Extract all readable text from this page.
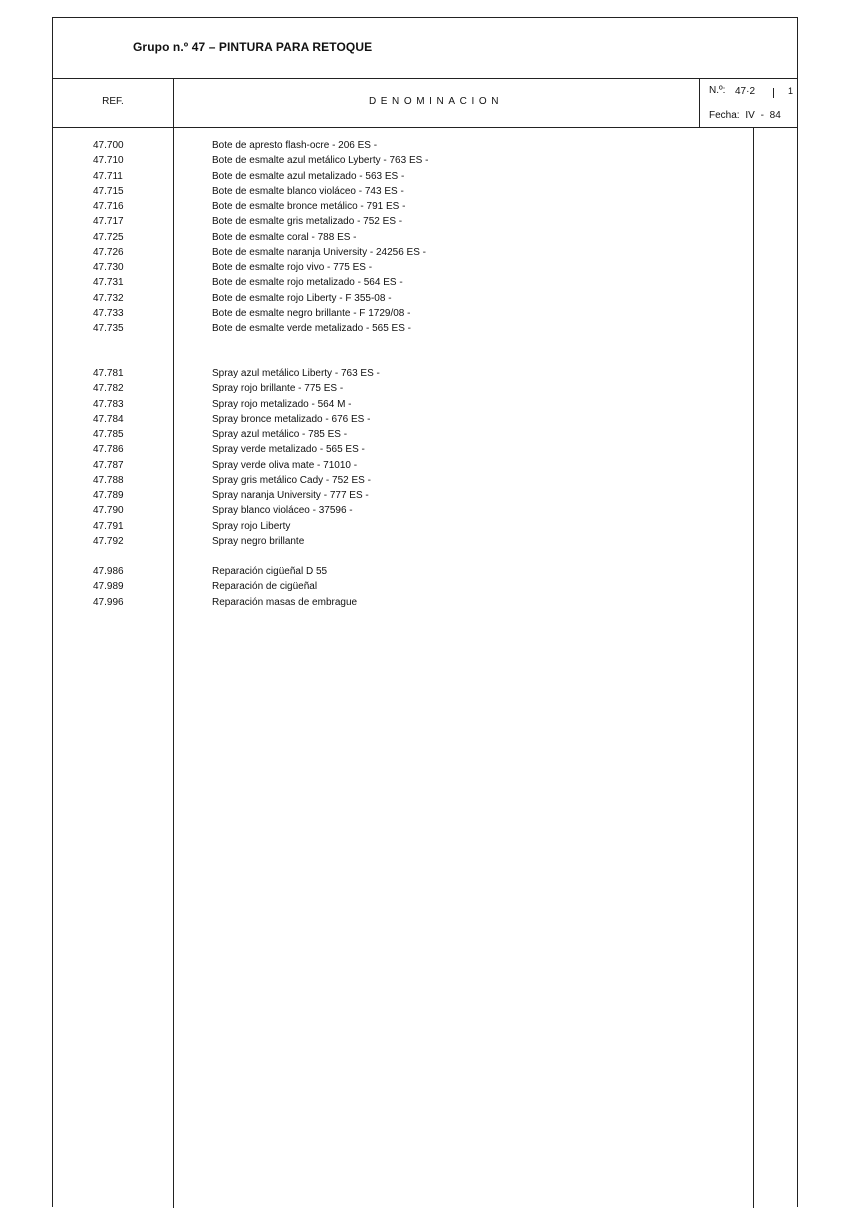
Grupo n.º 47 – PINTURA PARA RETOQUE
REF.	DENOMINACION
N.º: 47·2	1
Fecha: IV - 84
47.700	Bote de apresto flash-ocre - 206 ES -
47.710	Bote de esmalte azul metálico Lyberty - 763 ES -
47.711	Bote de esmalte azul metalizado - 563 ES -
47.715	Bote de esmalte blanco violáceo - 743 ES -
47.716	Bote de esmalte bronce metálico - 791 ES -
47.717	Bote de esmalte gris metalizado - 752 ES -
47.725	Bote de esmalte coral - 788 ES -
47.726	Bote de esmalte naranja University - 24256 ES -
47.730	Bote de esmalte rojo vivo - 775 ES -
47.731	Bote de esmalte rojo metalizado - 564 ES -
47.732	Bote de esmalte rojo Liberty - F 355-08 -
47.733	Bote de esmalte negro brillante - F 1729/08 -
47.735	Bote de esmalte verde metalizado - 565 ES -
47.781	Spray azul metálico Liberty - 763 ES -
47.782	Spray rojo brillante - 775 ES -
47.783	Spray rojo metalizado - 564 M -
47.784	Spray bronce metalizado - 676 ES -
47.785	Spray azul metálico - 785 ES -
47.786	Spray verde metalizado - 565 ES -
47.787	Spray verde oliva mate - 71010 -
47.788	Spray gris metálico Cady - 752 ES -
47.789	Spray naranja University - 777 ES -
47.790	Spray blanco violáceo - 37596 -
47.791	Spray rojo Liberty
47.792	Spray negro brillante
47.986	Reparación cigüeñal D 55
47.989	Reparación de cigüeñal
47.996	Reparación masas de embrague
